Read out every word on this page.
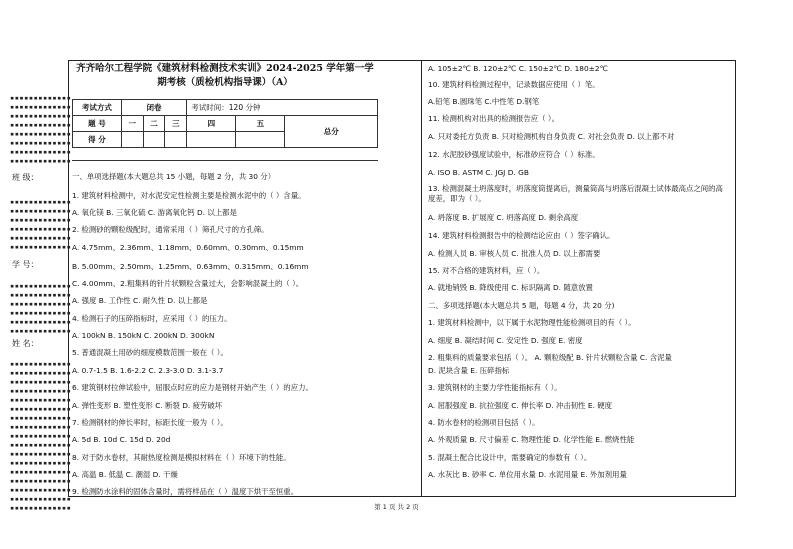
▪▪▪▪▪▪▪▪▪▪▪▪▪
▪▪▪▪▪▪▪▪▪▪▪▪▪
▪▪▪▪▪▪▪▪▪▪▪▪▪
▪▪▪▪▪▪▪▪▪▪▪▪▪
▪▪▪▪▪▪▪▪▪▪▪▪▪
▪▪▪▪▪▪▪▪▪▪▪▪▪
▪▪▪▪▪▪▪▪▪▪▪▪▪
▪▪▪▪▪▪▪▪▪▪▪▪▪
班 级：
▪▪▪▪▪▪▪▪▪▪▪▪▪
▪▪▪▪▪▪▪▪▪▪▪▪▪
▪▪▪▪▪▪▪▪▪▪▪▪▪
▪▪▪▪▪▪▪▪▪▪▪▪▪
▪▪▪▪▪▪▪▪▪▪▪▪▪
▪▪▪▪▪▪▪▪▪▪▪▪▪
学 号：
▪▪▪▪▪▪▪▪▪▪▪▪▪
▪▪▪▪▪▪▪▪▪▪▪▪▪
▪▪▪▪▪▪▪▪▪▪▪▪▪
▪▪▪▪▪▪▪▪▪▪▪▪▪
▪▪▪▪▪▪▪▪▪▪▪▪▪
▪▪▪▪▪▪▪▪▪▪▪▪▪
姓 名：
▪▪▪▪▪▪▪▪▪▪▪▪▪
▪▪▪▪▪▪▪▪▪▪▪▪▪
▪▪▪▪▪▪▪▪▪▪▪▪▪
▪▪▪▪▪▪▪▪▪▪▪▪▪
▪▪▪▪▪▪▪▪▪▪▪▪▪
▪▪▪▪▪▪▪▪▪▪▪▪▪
▪▪▪▪▪▪▪▪▪▪▪▪▪
▪▪▪▪▪▪▪▪▪▪▪▪▪
▪▪▪▪▪▪▪▪▪▪▪▪▪
▪▪▪▪▪▪▪▪▪▪▪▪▪
▪▪▪▪▪▪▪▪▪▪▪▪▪
▪▪▪▪▪▪▪▪▪▪▪▪▪
▪▪▪▪▪▪▪▪▪▪▪▪▪
▪▪▪▪▪▪▪▪▪▪▪▪▪
▪▪▪▪▪▪▪▪▪▪▪▪▪
▪▪▪▪▪▪▪▪▪▪▪▪▪
▪▪▪▪▪▪▪▪▪▪▪▪▪
齐齐哈尔工程学院《建筑材料检测技术实训》2024-2025 学年第一学
期考核（质检机构指导课）（A）
考试方式	闭卷			考试时间：120 分钟		
题 号	一	二	三	四	五	总分
得 分						
一、单项选择题(本大题总共 15 小题，每题 2 分，共 30 分）
1. 建筑材料检测中，对水泥安定性检测主要是检测水泥中的（ ）含量。
A. 氧化镁 B. 三氧化硫 C. 游离氧化钙 D. 以上都是
2. 检测砂的颗粒级配时，通常采用（ ）筛孔尺寸的方孔筛。
A. 4.75mm、2.36mm、1.18mm、0.60mm、0.30mm、0.15mm
B. 5.00mm、2.50mm、1.25mm、0.63mm、0.315mm、0.16mm
C. 4.00mm、2.粗集料的针片状颗粒含量过大，会影响混凝土的（ ）。
A. 强度 B. 工作性 C. 耐久性 D. 以上都是
4. 检测石子的压碎指标时，应采用（ ）的压力。
A. 100kN B. 150kN C. 200kN D. 300kN
5. 普通混凝土用砂的细度模数范围一般在（ ）。
A. 0.7-1.5 B. 1.6-2.2 C. 2.3-3.0 D. 3.1-3.7
6. 建筑钢材拉伸试验中，屈服点时应的应力是钢材开始产生（ ）的应力。
A. 弹性变形 B. 塑性变形 C. 断裂 D. 疲劳破坏
7. 检测钢材的伸长率时，标距长度一般为（ ）。
A. 5d B. 10d C. 15d D. 20d
8. 对于防水卷材，其耐热度检测是模拟材料在（ ）环境下的性能。
A. 高温 B. 低温 C. 潮湿 D. 干燥
9. 检测防水涂料的固体含量时，需将样品在（ ）温度下烘干至恒重。
A. 105±2℃ B. 120±2℃ C. 150±2℃ D. 180±2℃
10. 建筑材料检测过程中，记录数据应使用（ ）笔。
A.铅笔 B.圆珠笔 C.中性笔 D.钢笔
11. 检测机构对出具的检测报告应（ ）。
A. 只对委托方负责 B. 只对检测机构自身负责 C. 对社会负责 D. 以上都不对
12. 水泥胶砂强度试验中，标准砂应符合（ ）标准。
A. ISO B. ASTM C. JGJ D. GB
13. 检测混凝土坍落度时，坍落度筒提离后，测量筒高与坍落后混凝土试体最高点之间的高度差，即为（ ）。
A. 坍落度 B. 扩展度 C. 坍落高度 D. 剩余高度
14. 建筑材料检测报告中的检测结论应由（ ）签字确认。
A. 检测人员 B. 审核人员 C. 批准人员 D. 以上都需要
15. 对不合格的建筑材料，应（ ）。
A. 就地销毁 B. 降级使用 C. 标识隔离 D. 随意放置
二、多项选择题(本大题总共 5 题，每题 4 分，共 20 分)
1. 建筑材料检测中，以下属于水泥物理性能检测项目的有（ ）。
A. 细度 B. 凝结时间 C. 安定性 D. 强度 E. 密度
2. 粗集料的质量要求包括（ ）。 A. 颗粒级配 B. 针片状颗粒含量 C. 含泥量
D. 泥块含量 E. 压碎指标
3. 建筑钢材的主要力学性能指标有（ ）。
A. 屈服强度 B. 抗拉强度 C. 伸长率 D. 冲击韧性 E. 硬度
4. 防水卷材的检测项目包括（ ）。
A. 外观质量 B. 尺寸偏差 C. 物理性能 D. 化学性能 E. 燃烧性能
5. 混凝土配合比设计中，需要确定的参数有（ ）。
A. 水灰比 B. 砂率 C. 单位用水量 D. 水泥用量 E. 外加剂用量
第 1 页 共 2 页
